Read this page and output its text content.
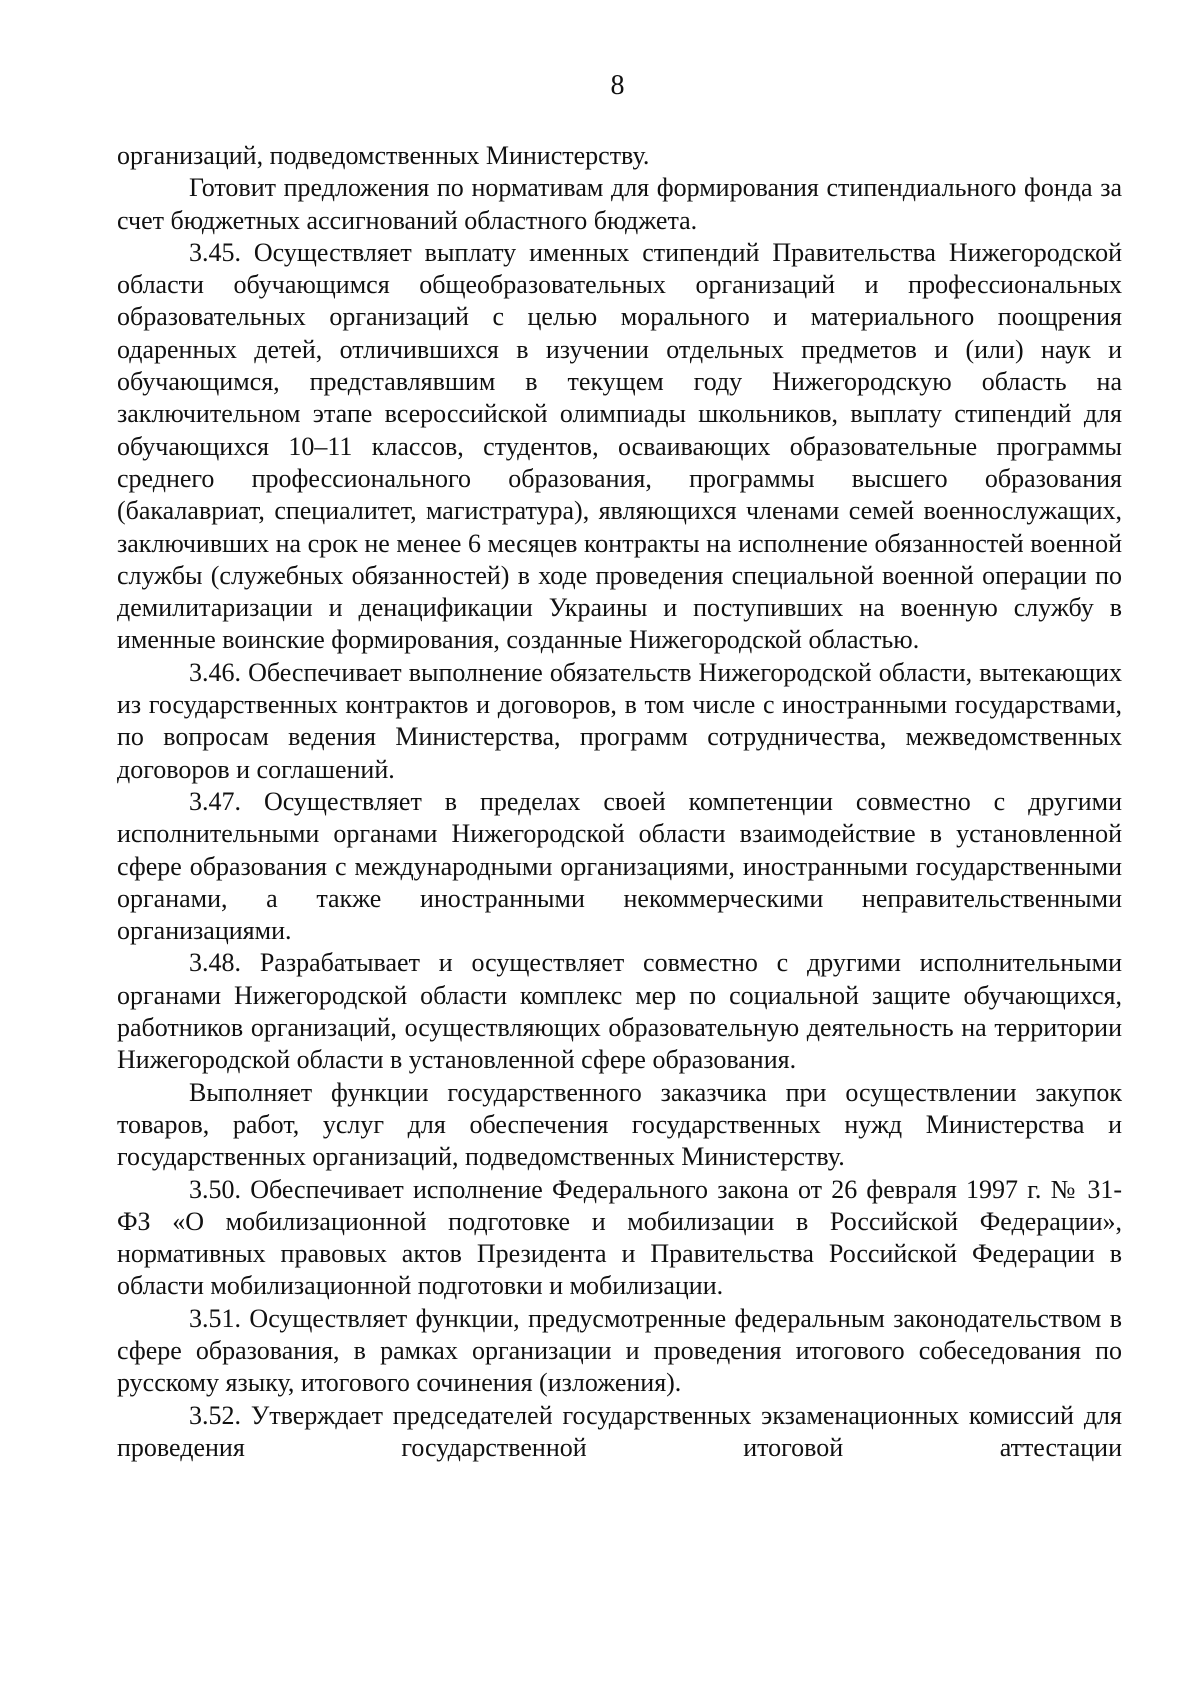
8

организаций, подведомственных Министерству.

Готовит предложения по нормативам для формирования стипендиального фонда за счет бюджетных ассигнований областного бюджета.

3.45. Осуществляет выплату именных стипендий Правительства Нижегородской области обучающимся общеобразовательных организаций и профессиональных образовательных организаций с целью морального и материального поощрения одаренных детей, отличившихся в изучении отдельных предметов и (или) наук и обучающимся, представлявшим в текущем году Нижегородскую область на заключительном этапе всероссийской олимпиады школьников, выплату стипендий для обучающихся 10–11 классов, студентов, осваивающих образовательные программы среднего профессионального образования, программы высшего образования (бакалавриат, специалитет, магистратура), являющихся членами семей военнослужащих, заключивших на срок не менее 6 месяцев контракты на исполнение обязанностей военной службы (служебных обязанностей) в ходе проведения специальной военной операции по демилитаризации и денацификации Украины и поступивших на военную службу в именные воинские формирования, созданные Нижегородской областью.

3.46. Обеспечивает выполнение обязательств Нижегородской области, вытекающих из государственных контрактов и договоров, в том числе с иностранными государствами, по вопросам ведения Министерства, программ сотрудничества, межведомственных договоров и соглашений.

3.47. Осуществляет в пределах своей компетенции совместно с другими исполнительными органами Нижегородской области взаимодействие в установленной сфере образования с международными организациями, иностранными государственными органами, а также иностранными некоммерческими неправительственными организациями.

3.48. Разрабатывает и осуществляет совместно с другими исполнительными органами Нижегородской области комплекс мер по социальной защите обучающихся, работников организаций, осуществляющих образовательную деятельность на территории Нижегородской области в установленной сфере образования.

Выполняет функции государственного заказчика при осуществлении закупок товаров, работ, услуг для обеспечения государственных нужд Министерства и государственных организаций, подведомственных Министерству.

3.50. Обеспечивает исполнение Федерального закона от 26 февраля 1997 г. № 31-ФЗ «О мобилизационной подготовке и мобилизации в Российской Федерации», нормативных правовых актов Президента и Правительства Российской Федерации в области мобилизационной подготовки и мобилизации.

3.51. Осуществляет функции, предусмотренные федеральным законодательством в сфере образования, в рамках организации и проведения итогового собеседования по русскому языку, итогового сочинения (изложения).

3.52. Утверждает председателей государственных экзаменационных комиссий для проведения государственной итоговой аттестации
